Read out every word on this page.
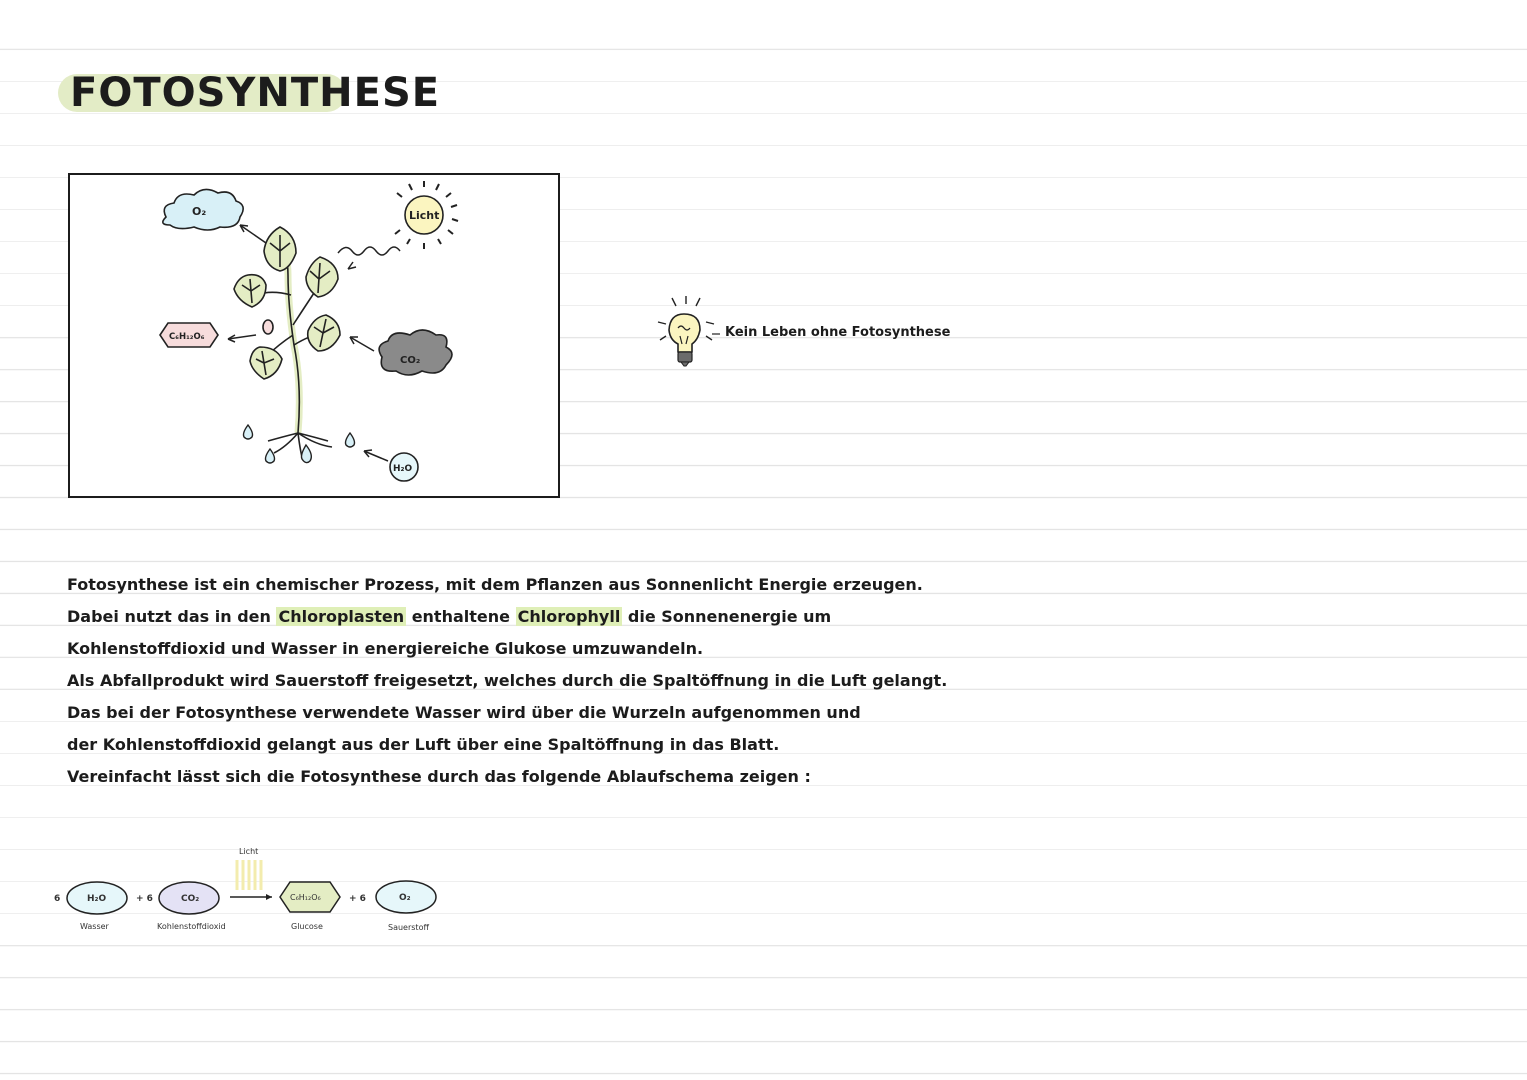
FOTOSYNTHESE
O₂	Licht
C₆H₁₂O₆
CO₂
H₂O
Kein Leben ohne Fotosynthese
Fotosynthese ist ein chemischer Prozess, mit dem Pflanzen aus Sonnenlicht Energie erzeugen.
Dabei nutzt das in den Chloroplasten enthaltene Chlorophyll die Sonnenenergie um
Kohlenstoffdioxid und Wasser in energiereiche Glukose umzuwandeln.
Als Abfallprodukt wird Sauerstoff freigesetzt, welches durch die Spaltöffnung in die Luft gelangt.
Das bei der Fotosynthese verwendete Wasser wird über die Wurzeln aufgenommen und
der Kohlenstoffdioxid gelangt aus der Luft über eine Spaltöffnung in das Blatt.
Vereinfacht lässt sich die Fotosynthese durch das folgende Ablaufschema zeigen :
6	H₂O
Wasser
+ 6	CO₂
Kohlenstoffdioxid
Licht
C₆H₁₂O₆
Glucose
+ 6	O₂
Sauerstoff
